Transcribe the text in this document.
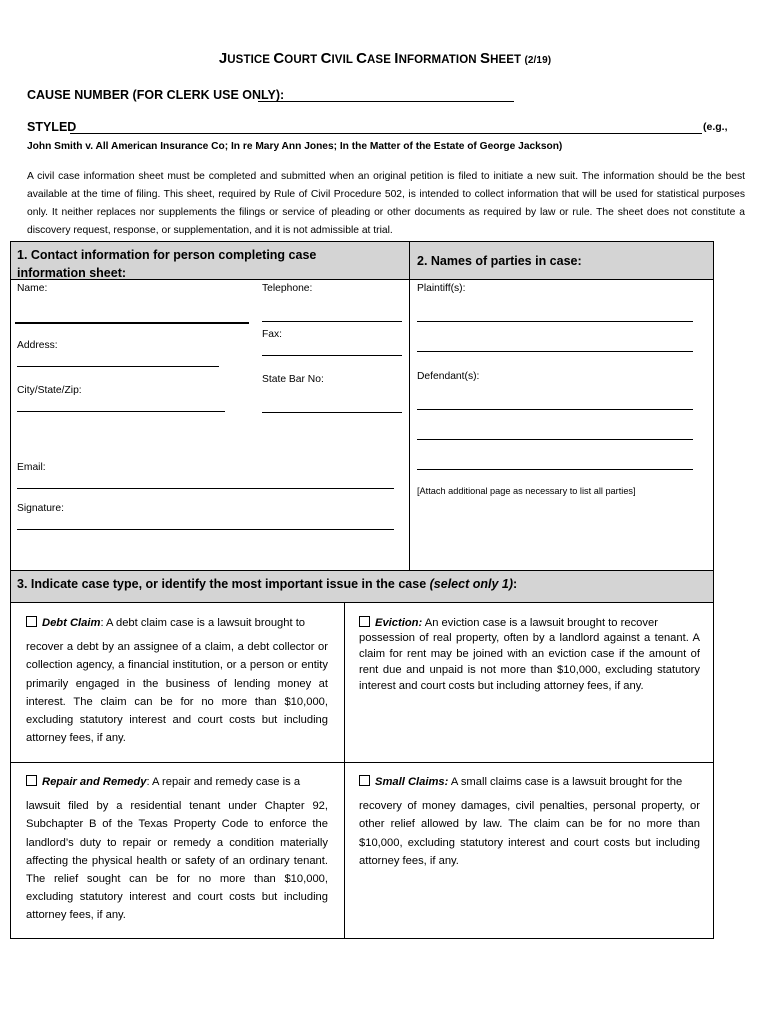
JUSTICE COURT CIVIL CASE INFORMATION SHEET (2/19)
CAUSE NUMBER (FOR CLERK USE ONLY):
STYLED	(e.g.,
John Smith v. All American Insurance Co; In re Mary Ann Jones; In the Matter of the Estate of George Jackson)
A civil case information sheet must be completed and submitted when an original petition is filed to initiate a new suit. The information should be the best available at the time of filing. This sheet, required by Rule of Civil Procedure 502, is intended to collect information that will be used for statistical purposes only. It neither replaces nor supplements the filings or service of pleading or other documents as required by law or rule. The sheet does not constitute a discovery request, response, or supplementation, and it is not admissible at trial.
1. Contact information for person completing case information sheet:
2. Names of parties in case:
Name:	Telephone:
Fax:
Address:
State Bar No:
City/State/Zip:
Email:
Signature:
Plaintiff(s):
Defendant(s):
[Attach additional page as necessary to list all parties]
3. Indicate case type, or identify the most important issue in the case (select only 1):
Debt Claim: A debt claim case is a lawsuit brought to
recover a debt by an assignee of a claim, a debt collector or collection agency, a financial institution, or a person or entity primarily engaged in the business of lending money at interest. The claim can be for no more than $10,000, excluding statutory interest and court costs but including attorney fees, if any.
Eviction: An eviction case is a lawsuit brought to recover
possession of real property, often by a landlord against a tenant. A claim for rent may be joined with an eviction case if the amount of rent due and unpaid is not more than $10,000, excluding statutory interest and court costs but including attorney fees, if any.
Repair and Remedy: A repair and remedy case is a
lawsuit filed by a residential tenant under Chapter 92, Subchapter B of the Texas Property Code to enforce the landlord’s duty to repair or remedy a condition materially affecting the physical health or safety of an ordinary tenant. The relief sought can be for no more than $10,000, excluding statutory interest and court costs but including attorney fees, if any.
Small Claims: A small claims case is a lawsuit brought for the
recovery of money damages, civil penalties, personal property, or other relief allowed by law. The claim can be for no more than $10,000, excluding statutory interest and court costs but including attorney fees, if any.
